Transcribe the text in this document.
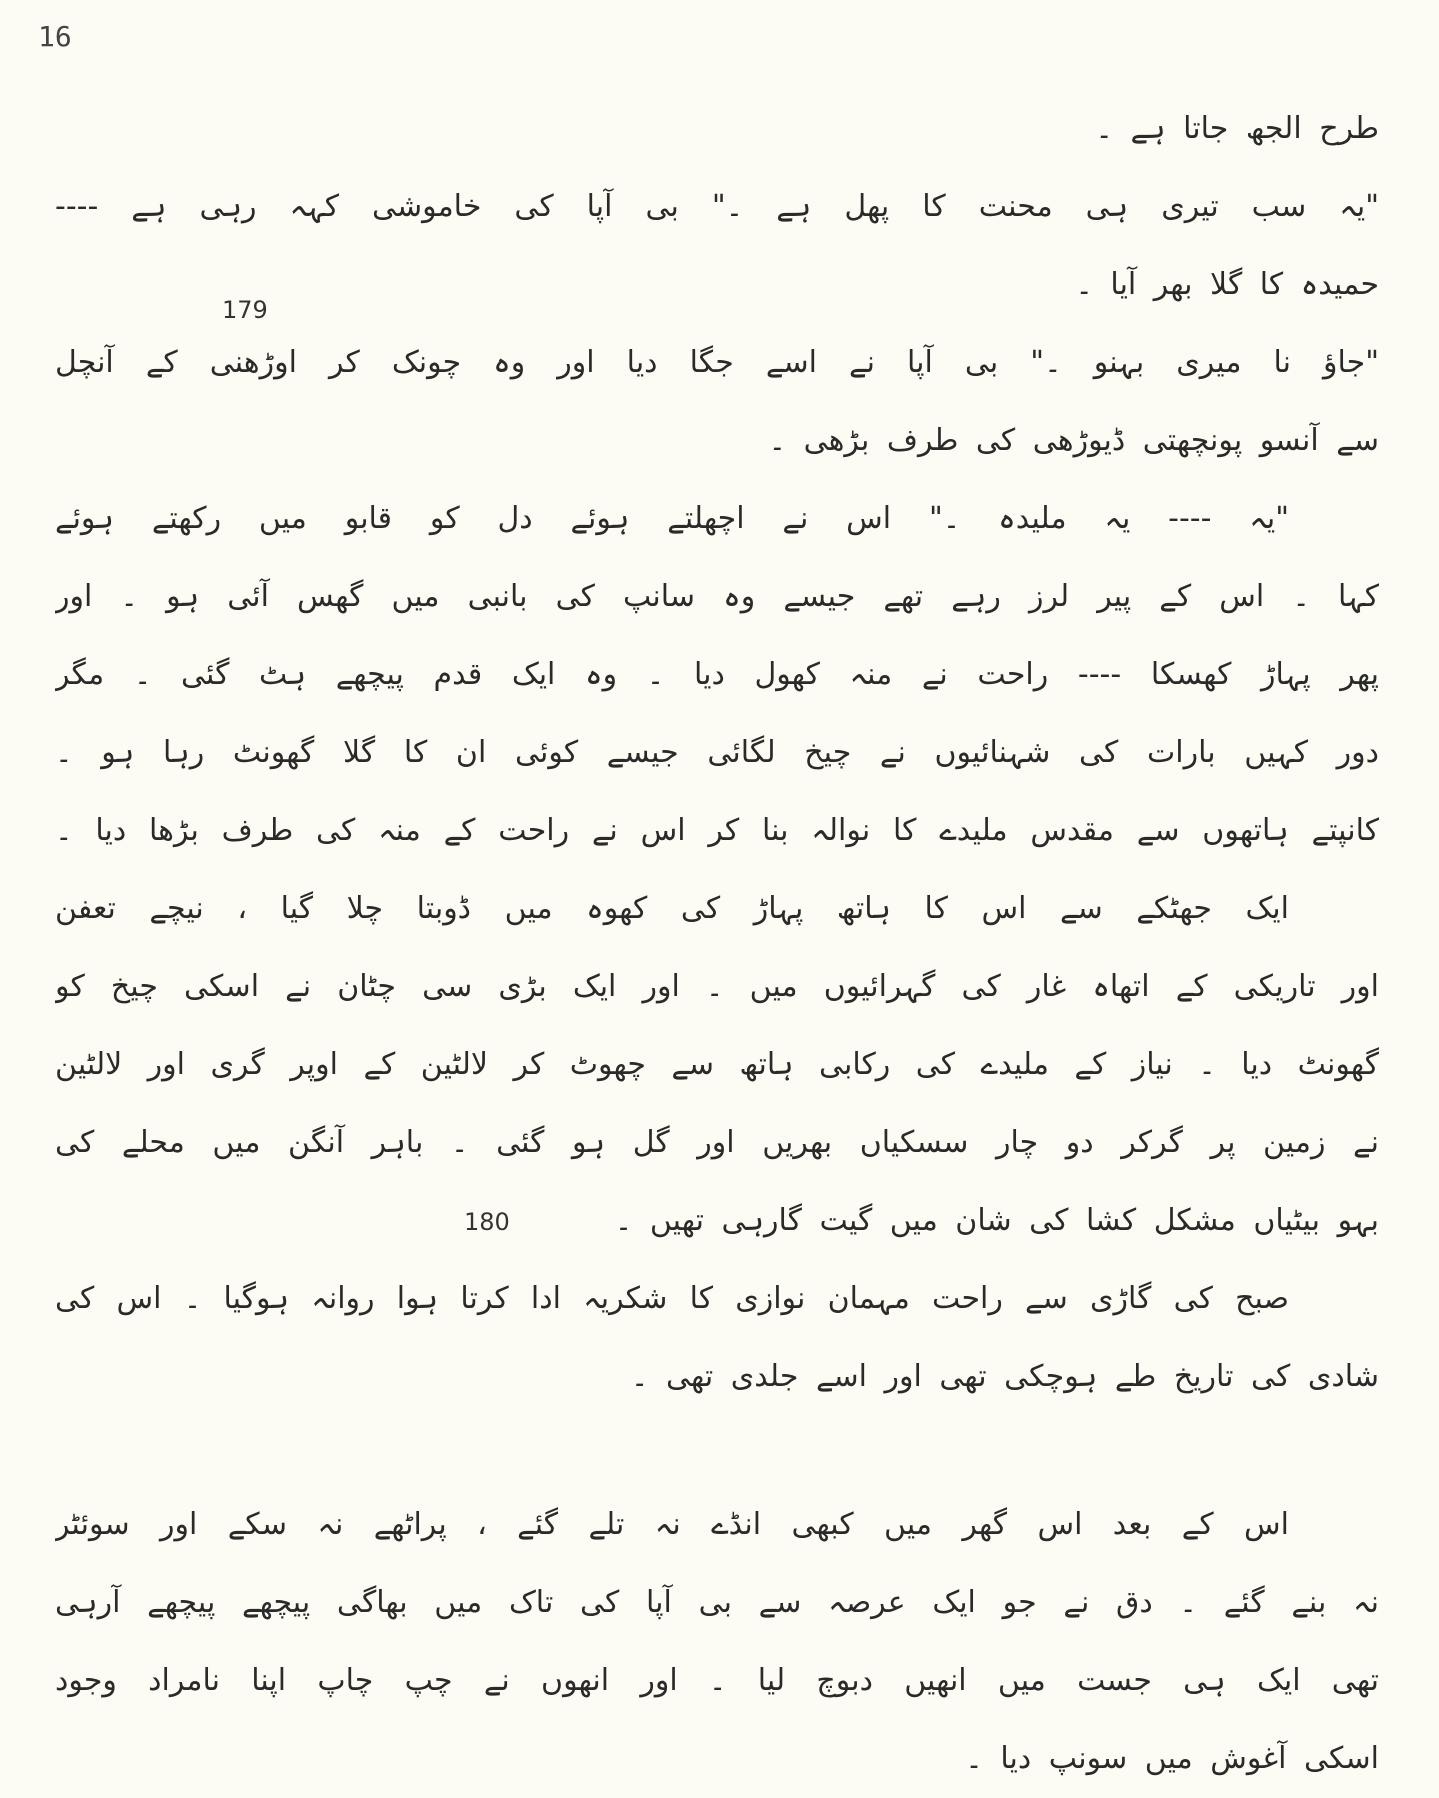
16
طرح الجھ جاتا ہے ۔
"یہ سب تیری ہی محنت کا پھل ہے ۔" بی آپا کی خاموشی کہہ رہی ہے ----
حمیدہ کا گلا بھر آیا ۔
"جاؤ نا میری بہنو ۔" بی آپا نے اسے جگا دیا اور وہ چونک کر اوڑھنی کے آنچل
سے آنسو پونچھتی ڈیوڑھی کی طرف بڑھی ۔
"یہ ---- یہ ملیدہ ۔" اس نے اچھلتے ہوئے دل کو قابو میں رکھتے ہوئے
کہا ۔ اس کے پیر لرز رہے تھے جیسے وہ سانپ کی بانبی میں گھس آئی ہو ۔ اور
پھر پہاڑ کھسکا ---- راحت نے منہ کھول دیا ۔ وہ ایک قدم پیچھے ہٹ گئی ۔ مگر
دور کہیں بارات کی شہنائیوں نے چیخ لگائی جیسے کوئی ان کا گلا گھونٹ رہا ہو ۔
کانپتے ہاتھوں سے مقدس ملیدے کا نوالہ بنا کر اس نے راحت کے منہ کی طرف بڑھا دیا ۔
ایک جھٹکے سے اس کا ہاتھ پہاڑ کی کھوہ میں ڈوبتا چلا گیا ، نیچے تعفن
اور تاریکی کے اتھاہ غار کی گہرائیوں میں ۔ اور ایک بڑی سی چٹان نے اسکی چیخ کو
گھونٹ دیا ۔ نیاز کے ملیدے کی رکابی ہاتھ سے چھوٹ کر لالٹین کے اوپر گری اور لالٹین
نے زمین پر گرکر دو چار سسکیاں بھریں اور گل ہو گئی ۔ باہر آنگن میں محلے کی
بہو بیٹیاں مشکل کشا کی شان میں گیت گارہی تھیں ۔
صبح کی گاڑی سے راحت مہمان نوازی کا شکریہ ادا کرتا ہوا روانہ ہوگیا ۔ اس کی
شادی کی تاریخ طے ہوچکی تھی اور اسے جلدی تھی ۔
اس کے بعد اس گھر میں کبھی انڈے نہ تلے گئے ، پراٹھے نہ سکے اور سوئٹر
نہ بنے گئے ۔ دق نے جو ایک عرصہ سے بی آپا کی تاک میں بھاگی پیچھے پیچھے آرہی
تھی ایک ہی جست میں انھیں دبوچ لیا ۔ اور انھوں نے چپ چاپ اپنا نامراد وجود
اسکی آغوش میں سونپ دیا ۔
179
180
